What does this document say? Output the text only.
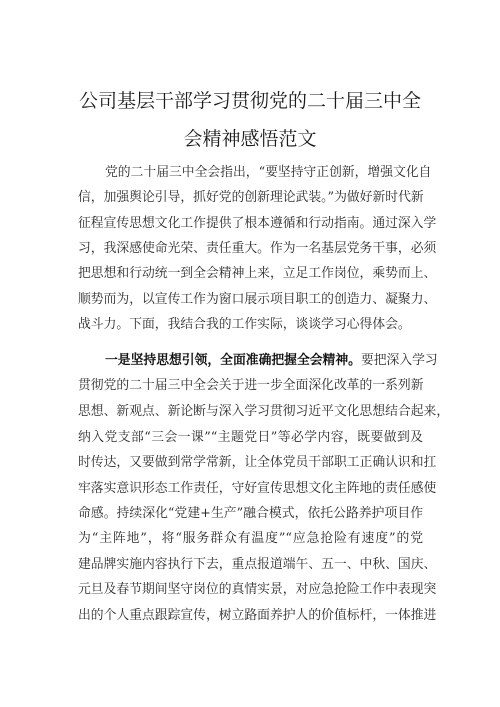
公司基层干部学习贯彻党的二十届三中全
会精神感悟范文
党的二十届三中全会指出，“要坚持守正创新，增强文化自
信，加强舆论引导，抓好党的创新理论武装。”为做好新时代新
征程宣传思想文化工作提供了根本遵循和行动指南。通过深入学
习，我深感使命光荣、责任重大。作为一名基层党务干事，必须
把思想和行动统一到全会精神上来，立足工作岗位，乘势而上、
顺势而为，以宣传工作为窗口展示项目职工的创造力、凝聚力、
战斗力。下面，我结合我的工作实际，谈谈学习心得体会。
一是坚持思想引领，全面准确把握全会精神。要把深入学习
贯彻党的二十届三中全会关于进一步全面深化改革的一系列新
思想、新观点、新论断与深入学习贯彻习近平文化思想结合起来，
纳入党支部“三会一课”“主题党日”等必学内容，既要做到及
时传达，又要做到常学常新，让全体党员干部职工正确认识和扛
牢落实意识形态工作责任，守好宣传思想文化主阵地的责任感使
命感。持续深化“党建+生产”融合模式，依托公路养护项目作
为“主阵地”，将“服务群众有温度”“应急抢险有速度”的党
建品牌实施内容执行下去，重点报道端午、五一、中秋、国庆、
元旦及春节期间坚守岗位的真情实景，对应急抢险工作中表现突
出的个人重点跟踪宣传，树立路面养护人的价值标杆，一体推进
